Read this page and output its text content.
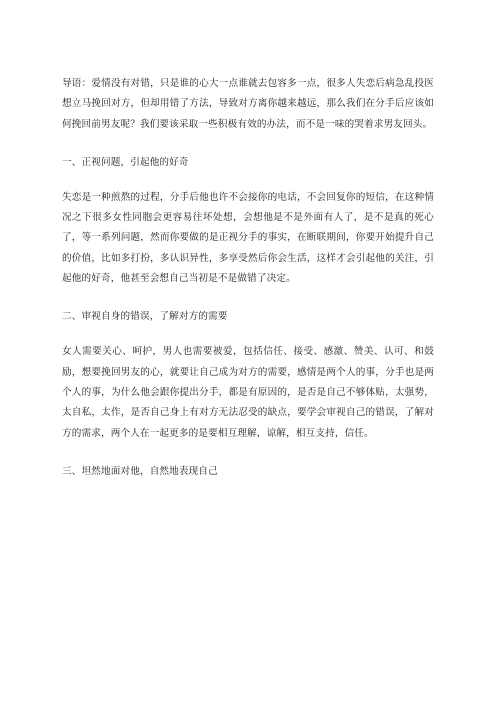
导语：爱情没有对错，只是谁的心大一点谁就去包容多一点，很多人失恋后病急乱投医想立马挽回对方，但却用错了方法，导致对方离你越来越远，那么我们在分手后应该如何挽回前男友呢？我们要该采取一些积极有效的办法，而不是一味的哭着求男友回头。

一、正视问题，引起他的好奇

失恋是一种煎熬的过程，分手后他也许不会接你的电话，不会回复你的短信，在这种情况之下很多女性同胞会更容易往坏处想，会想他是不是外面有人了，是不是真的死心了，等一系列问题，然而你要做的是正视分手的事实，在断联期间，你要开始提升自己的价值，比如多打扮，多认识异性，多享受然后你会生活，这样才会引起他的关注，引起他的好奇，他甚至会想自己当初是不是做错了决定。

二、审视自身的错误，了解对方的需要

女人需要关心、呵护，男人也需要被爱，包括信任、接受、感激、赞美、认可、和鼓励，想要挽回男友的心，就要让自己成为对方的需要，感情是两个人的事，分手也是两个人的事，为什么他会跟你提出分手，都是有原因的，是否是自己不够体贴，太强势，太自私，太作，是否自己身上有对方无法忍受的缺点，要学会审视自己的错误，了解对方的需求，两个人在一起更多的是要相互理解，谅解，相互支持，信任。

三、坦然地面对他，自然地表现自己
